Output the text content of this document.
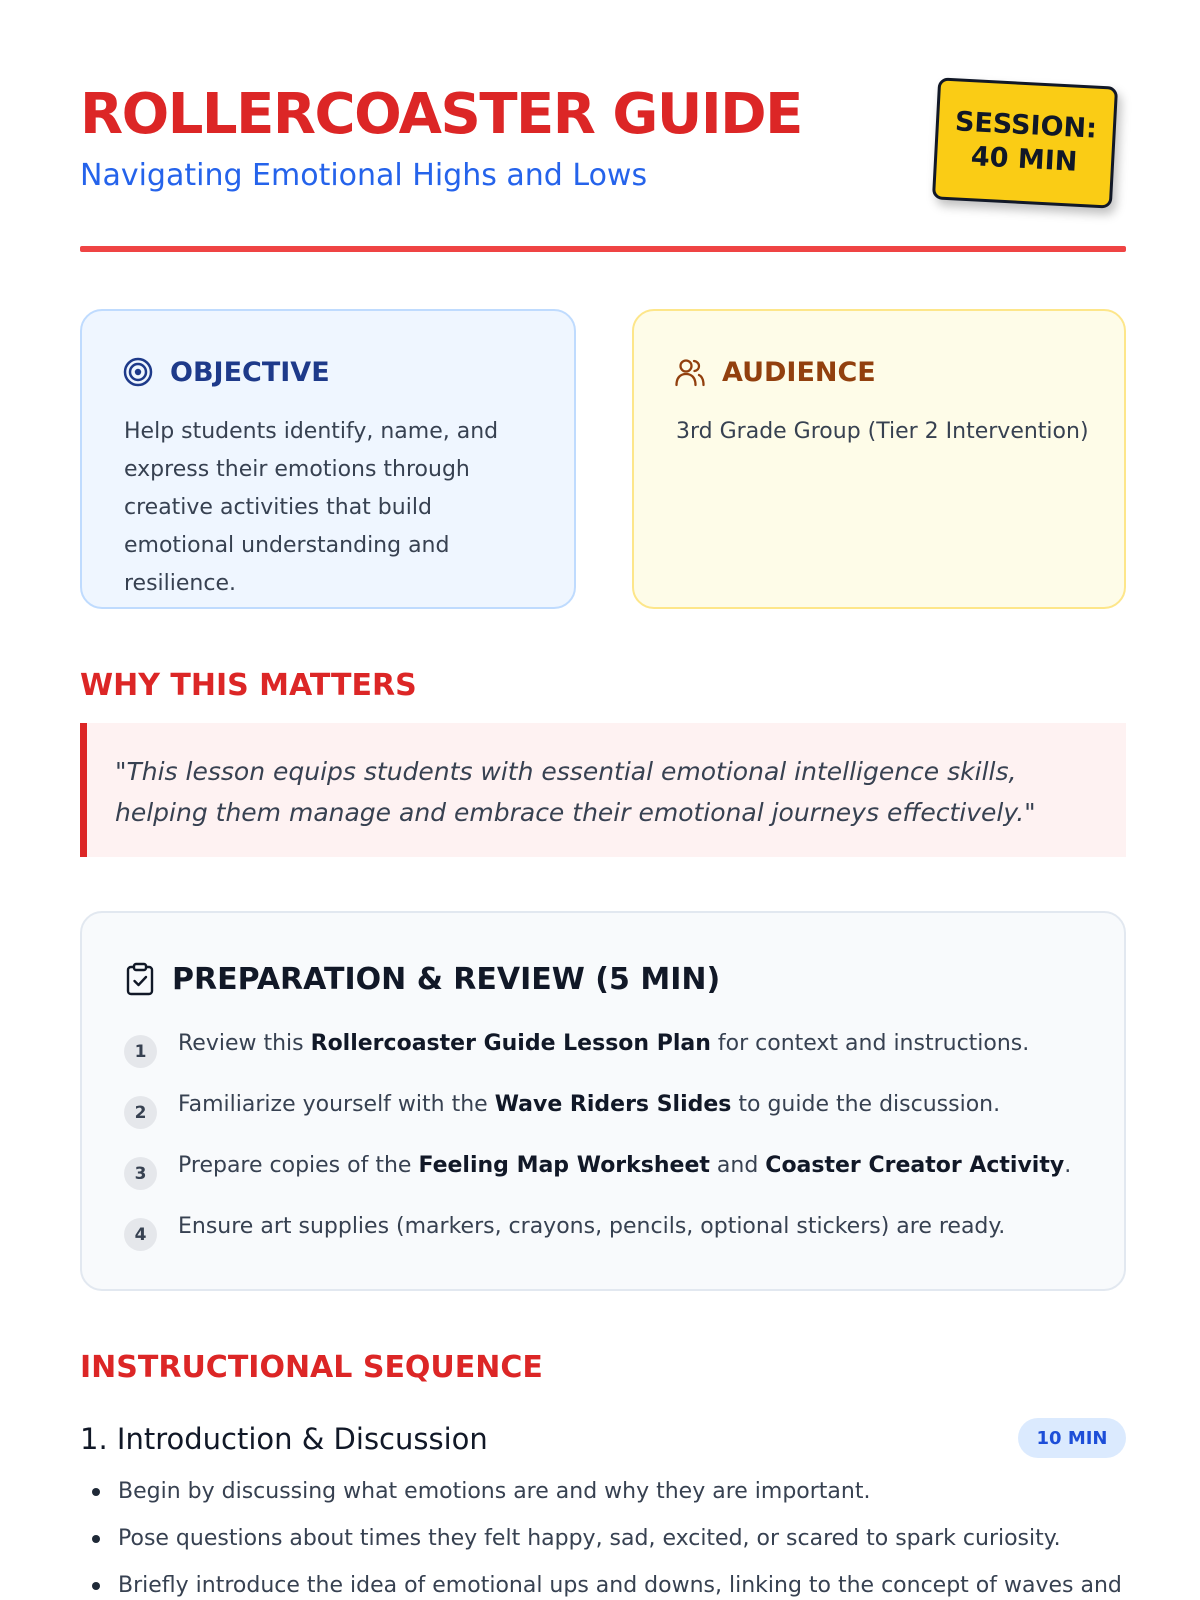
ROLLERCOASTER GUIDE
Navigating Emotional Highs and Lows
SESSION:
40 MIN
OBJECTIVE

Help students identify, name, and express their emotions through creative activities that build emotional understanding and resilience.

AUDIENCE

3rd Grade Group (Tier 2 Intervention)

WHY THIS MATTERS

"This lesson equips students with essential emotional intelligence skills, helping them manage and embrace their emotional journeys effectively."

PREPARATION & REVIEW (5 MIN)
1	Review this Rollercoaster Guide Lesson Plan for context and instructions.
2	Familiarize yourself with the Wave Riders Slides to guide the discussion.
3	Prepare copies of the Feeling Map Worksheet and Coaster Creator Activity.
4	Ensure art supplies (markers, crayons, pencils, optional stickers) are ready.
INSTRUCTIONAL SEQUENCE
1. Introduction & Discussion	10 MIN
Begin by discussing what emotions are and why they are important.
Pose questions about times they felt happy, sad, excited, or scared to spark curiosity.
Briefly introduce the idea of emotional ups and downs, linking to the concept of waves and
